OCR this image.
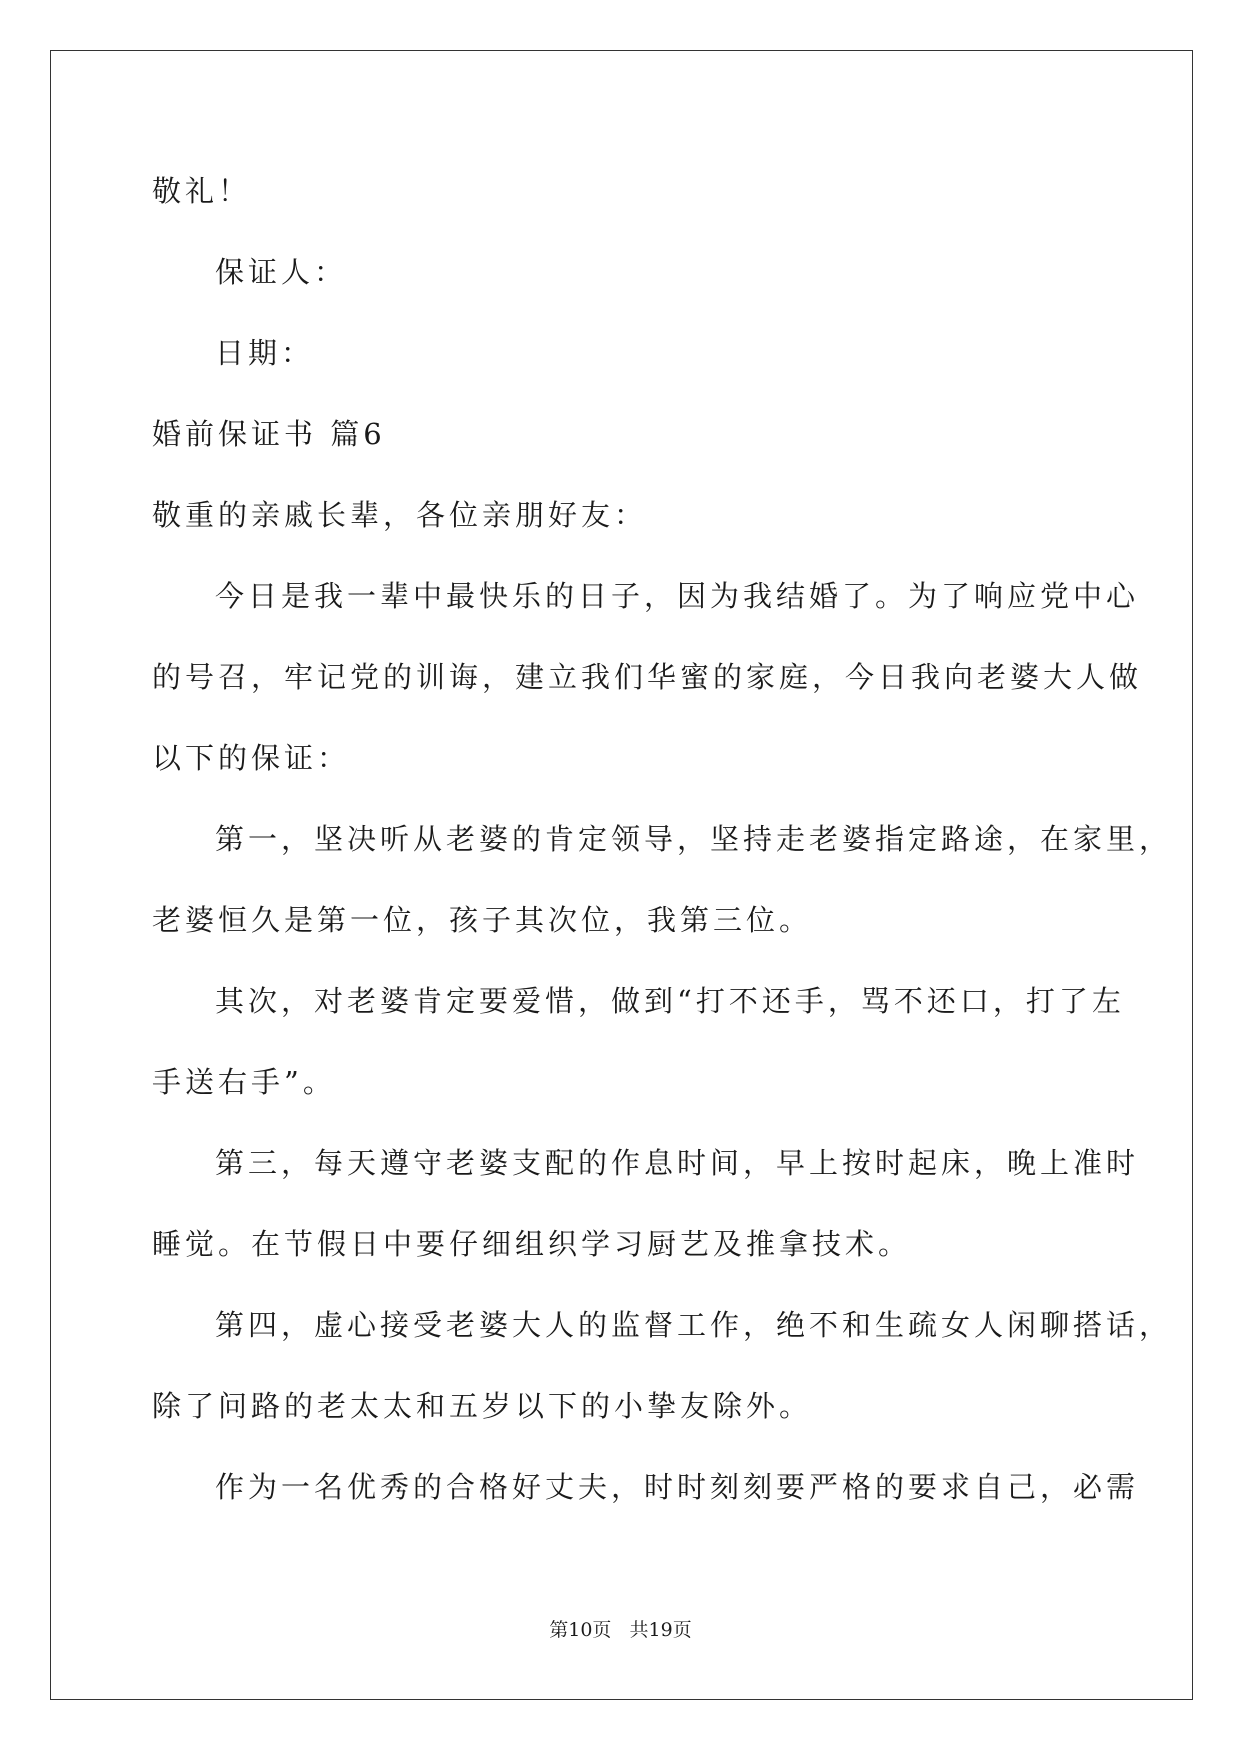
敬礼！

保证人：

日期：

婚前保证书 篇6

敬重的亲戚长辈，各位亲朋好友：

今日是我一辈中最快乐的日子，因为我结婚了。为了响应党中心

的号召，牢记党的训诲，建立我们华蜜的家庭，今日我向老婆大人做

以下的保证：

第一，坚决听从老婆的肯定领导，坚持走老婆指定路途，在家里，

老婆恒久是第一位，孩子其次位，我第三位。

其次，对老婆肯定要爱惜，做到“打不还手，骂不还口，打了左

手送右手”。

第三，每天遵守老婆支配的作息时间，早上按时起床，晚上准时

睡觉。在节假日中要仔细组织学习厨艺及推拿技术。

第四，虚心接受老婆大人的监督工作，绝不和生疏女人闲聊搭话，

除了问路的老太太和五岁以下的小挚友除外。

作为一名优秀的合格好丈夫，时时刻刻要严格的要求自己，必需

第10页   共19页
